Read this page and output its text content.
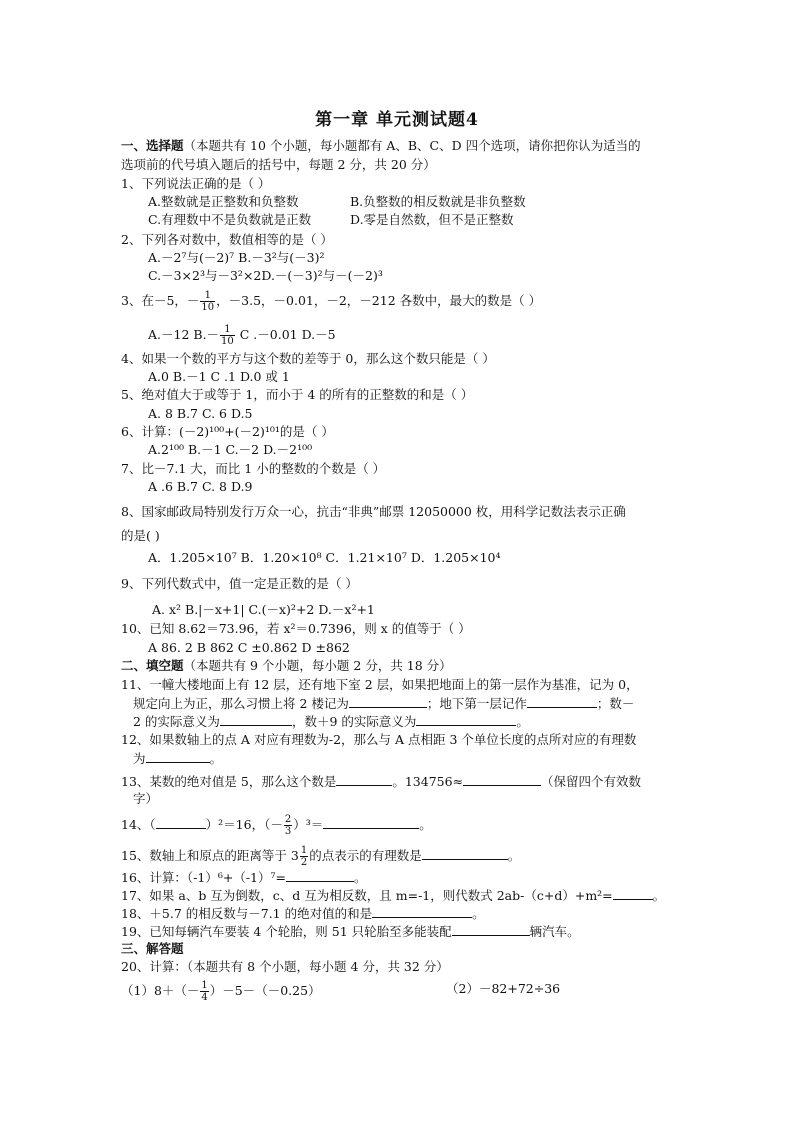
第一章 单元测试题4
一、选择题（本题共有 10 个小题，每小题都有 A、B、C、D 四个选项，请你把你认为适当的
选项前的代号填入题后的括号中，每题 2 分，共 20 分）
1、下列说法正确的是（ ）
A.整数就是正整数和负整数	B.负整数的相反数就是非负整数
C.有理数中不是负数就是正数	D.零是自然数，但不是正整数
2、下列各对数中，数值相等的是（ ）
A.－2⁷与(－2)⁷ B.－3²与(－3)²
C.－3×2³与－3²×2D.－(－3)²与－(－2)³
3、在－5，－ $\frac{1}{10}$ ，－3.5，－0.01，－2，－212 各数中，最大的数是（ ）
A.－12 $B.- \frac{1}{10}$ C .－0.01 D.－5
4、如果一个数的平方与这个数的差等于 0，那么这个数只能是（ ）
A.0 B.－1 C .1 D.0 或 1
5、绝对值大于或等于 1，而小于 4 的所有的正整数的和是（ ）
A. 8 B.7 C. 6 D.5
6、计算：(－2)¹⁰⁰+(－2)¹⁰¹的是（ ）
A.2¹⁰⁰ B.－1 C.－2 D.－2¹⁰⁰
7、比－7.1 大，而比 1 小的整数的个数是（ ）
A .6 B.7 C. 8 D.9
8、国家邮政局特别发行万众一心，抗击“非典”邮票 12050000 枚，用科学记数法表示正确
的是( )
A．1.205×10⁷ B．1.20×10⁸ C．1.21×10⁷ D．1.205×10⁴
9、下列代数式中，值一定是正数的是（ ）
A. x² B.|－x+1| C.(－x)²+2 D.－x²+1
10、已知 8.62＝73.96，若 x²＝0.7396，则 x 的值等于（ ）
A 86. 2 B 862 C ±0.862 D ±862
二、填空题（本题共有 9 个小题，每小题 2 分，共 18 分）
11、一幢大楼地面上有 12 层，还有地下室 2 层，如果把地面上的第一层作为基准，记为 0，
规定向上为正，那么习惯上将 2 楼记为	；地下第一层记作	；数－
2 的实际意义为	，数＋9 的实际意义为	。
12、如果数轴上的点 A 对应有理数为-2，那么与 A 点相距 3 个单位长度的点所对应的有理数
为	。
13、某数的绝对值是 5，那么这个数是	。134756≈	（保留四个有效数
字）
14、（	）²＝16，（－ $\frac{2}{3} )^3=$	。
15、数轴上和原点的距离等于 $3 \frac{1}{2}$ 的点表示的有理数是	。
16、计算：（-1）⁶+（-1）⁷=	。
17、如果 a、b 互为倒数，c、d 互为相反数，且 m=-1，则代数式 2ab-（c+d）+m²=	。
18、＋5.7 的相反数与－7.1 的绝对值的和是	。
19、已知每辆汽车要装 4 个轮胎，则 51 只轮胎至多能装配	辆汽车。
三、解答题
20、计算：（本题共有 8 个小题，每小题 4 分，共 32 分）
$(1)8+(- \frac{1}{4} )-5-(-0.25)$	（2）－82+72÷36
